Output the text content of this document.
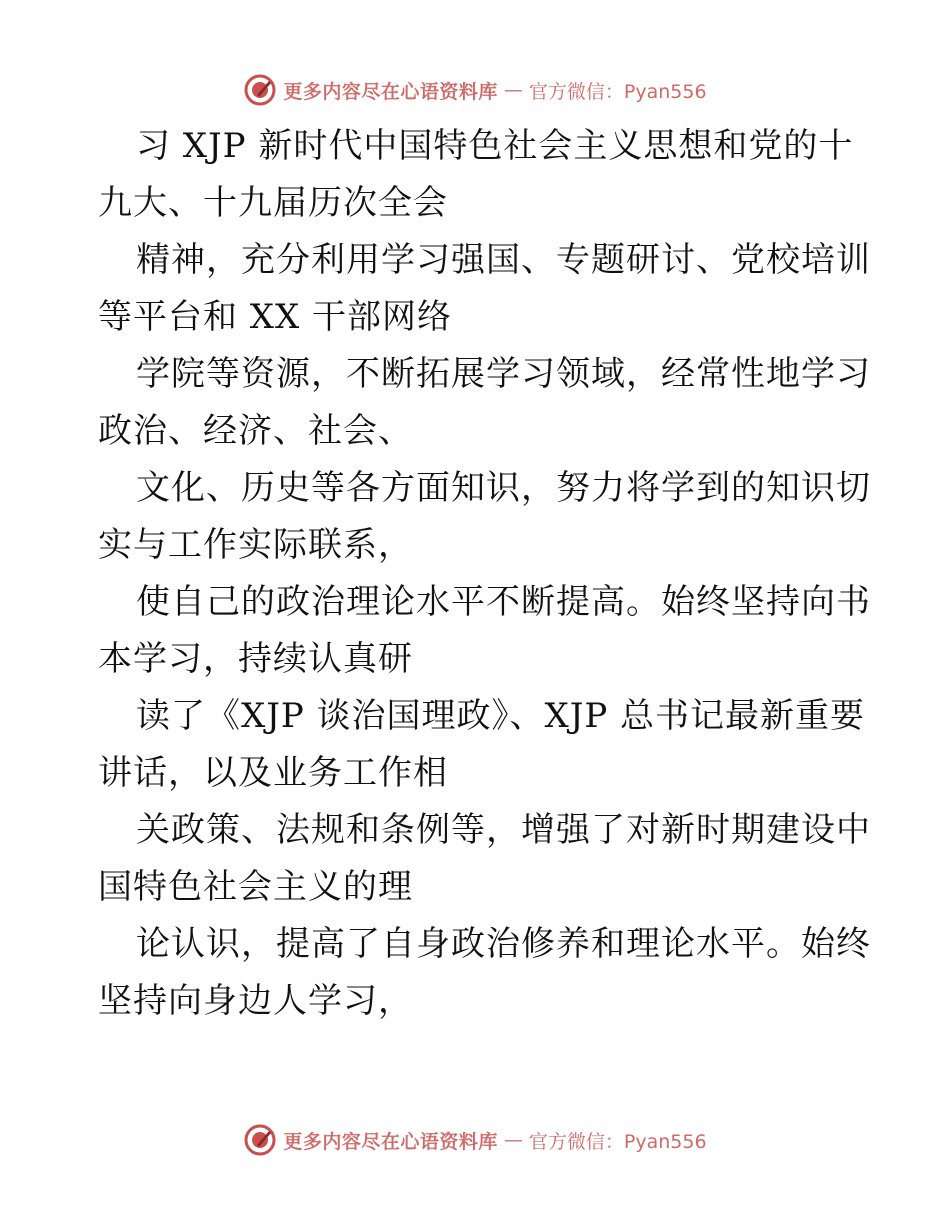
更多内容尽在心语资料库 — 官方微信：Pyan556
习 XJP 新时代中国特色社会主义思想和党的十
九大、十九届历次全会
精神，充分利用学习强国、专题研讨、党校培训
等平台和 XX 干部网络
学院等资源，不断拓展学习领域，经常性地学习
政治、经济、社会、
文化、历史等各方面知识，努力将学到的知识切
实与工作实际联系，
使自己的政治理论水平不断提高。始终坚持向书
本学习，持续认真研
读了《XJP 谈治国理政》、XJP 总书记最新重要
讲话，以及业务工作相
关政策、法规和条例等，增强了对新时期建设中
国特色社会主义的理
论认识，提高了自身政治修养和理论水平。始终
坚持向身边人学习，
更多内容尽在心语资料库 — 官方微信：Pyan556
